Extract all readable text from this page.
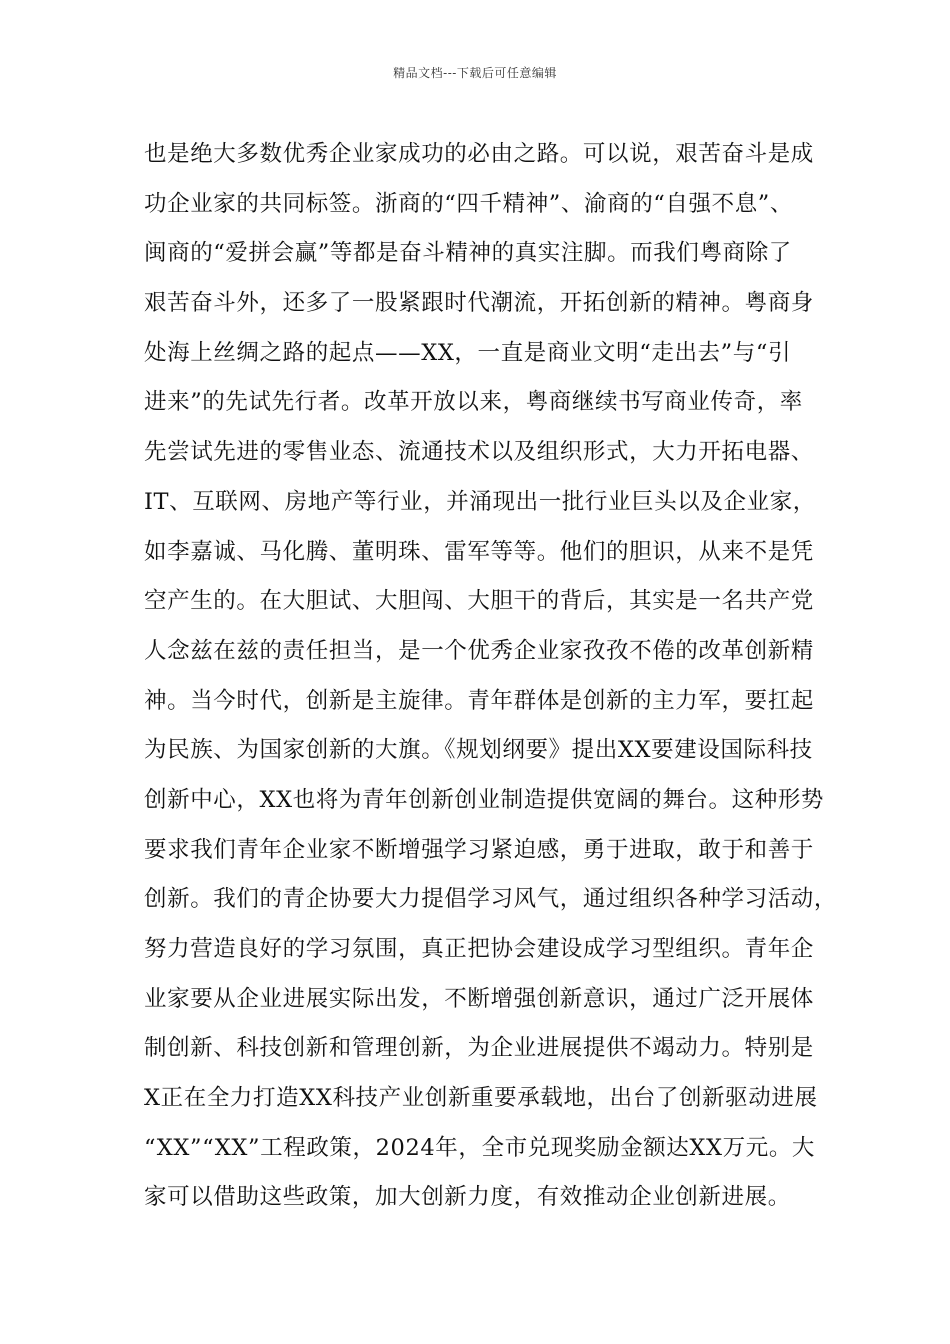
精品文档---下载后可任意编辑
也是绝大多数优秀企业家成功的必由之路。可以说，艰苦奋斗是成
功企业家的共同标签。浙商的“四千精神”、渝商的“自强不息”、
闽商的“爱拼会赢”等都是奋斗精神的真实注脚。而我们粤商除了
艰苦奋斗外，还多了一股紧跟时代潮流，开拓创新的精神。粤商身
处海上丝绸之路的起点——XX，一直是商业文明“走出去”与“引
进来”的先试先行者。改革开放以来，粤商继续书写商业传奇，率
先尝试先进的零售业态、流通技术以及组织形式，大力开拓电器、
IT、互联网、房地产等行业，并涌现出一批行业巨头以及企业家，
如李嘉诚、马化腾、董明珠、雷军等等。他们的胆识，从来不是凭
空产生的。在大胆试、大胆闯、大胆干的背后，其实是一名共产党
人念兹在兹的责任担当，是一个优秀企业家孜孜不倦的改革创新精
神。当今时代，创新是主旋律。青年群体是创新的主力军，要扛起
为民族、为国家创新的大旗。《规划纲要》提出XX要建设国际科技
创新中心，XX也将为青年创新创业制造提供宽阔的舞台。这种形势
要求我们青年企业家不断增强学习紧迫感，勇于进取，敢于和善于
创新。我们的青企协要大力提倡学习风气，通过组织各种学习活动，
努力营造良好的学习氛围，真正把协会建设成学习型组织。青年企
业家要从企业进展实际出发，不断增强创新意识，通过广泛开展体
制创新、科技创新和管理创新，为企业进展提供不竭动力。特别是
X正在全力打造XX科技产业创新重要承载地，出台了创新驱动进展
“XX”“XX”工程政策，2024年，全市兑现奖励金额达XX万元。大
家可以借助这些政策，加大创新力度，有效推动企业创新进展。
